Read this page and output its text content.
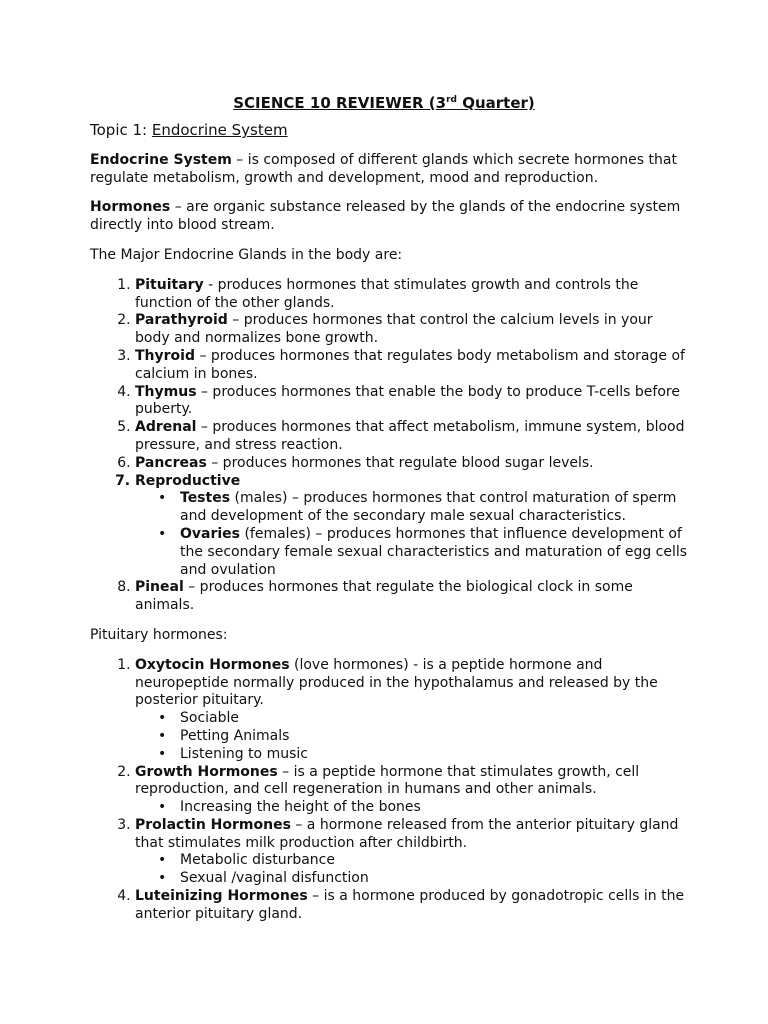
SCIENCE 10 REVIEWER (3rd Quarter)

Topic 1: Endocrine System

Endocrine System – is composed of different glands which secrete hormones that regulate metabolism, growth and development, mood and reproduction.

Hormones – are organic substance released by the glands of the endocrine system directly into blood stream.

The Major Endocrine Glands in the body are:

1. Pituitary - produces hormones that stimulates growth and controls the function of the other glands.
2. Parathyroid – produces hormones that control the calcium levels in your body and normalizes bone growth.
3. Thyroid – produces hormones that regulates body metabolism and storage of calcium in bones.
4. Thymus – produces hormones that enable the body to produce T-cells before puberty.
5. Adrenal – produces hormones that affect metabolism, immune system, blood pressure, and stress reaction.
6. Pancreas – produces hormones that regulate blood sugar levels.
7. Reproductive
• Testes (males) – produces hormones that control maturation of sperm and development of the secondary male sexual characteristics.
• Ovaries (females) – produces hormones that influence development of the secondary female sexual characteristics and maturation of egg cells and ovulation
8. Pineal – produces hormones that regulate the biological clock in some animals.

Pituitary hormones:

1. Oxytocin Hormones (love hormones) - is a peptide hormone and neuropeptide normally produced in the hypothalamus and released by the posterior pituitary.
• Sociable
• Petting Animals
• Listening to music
2. Growth Hormones – is a peptide hormone that stimulates growth, cell reproduction, and cell regeneration in humans and other animals.
• Increasing the height of the bones
3. Prolactin Hormones – a hormone released from the anterior pituitary gland that stimulates milk production after childbirth.
• Metabolic disturbance
• Sexual /vaginal disfunction
4. Luteinizing Hormones – is a hormone produced by gonadotropic cells in the anterior pituitary gland.
